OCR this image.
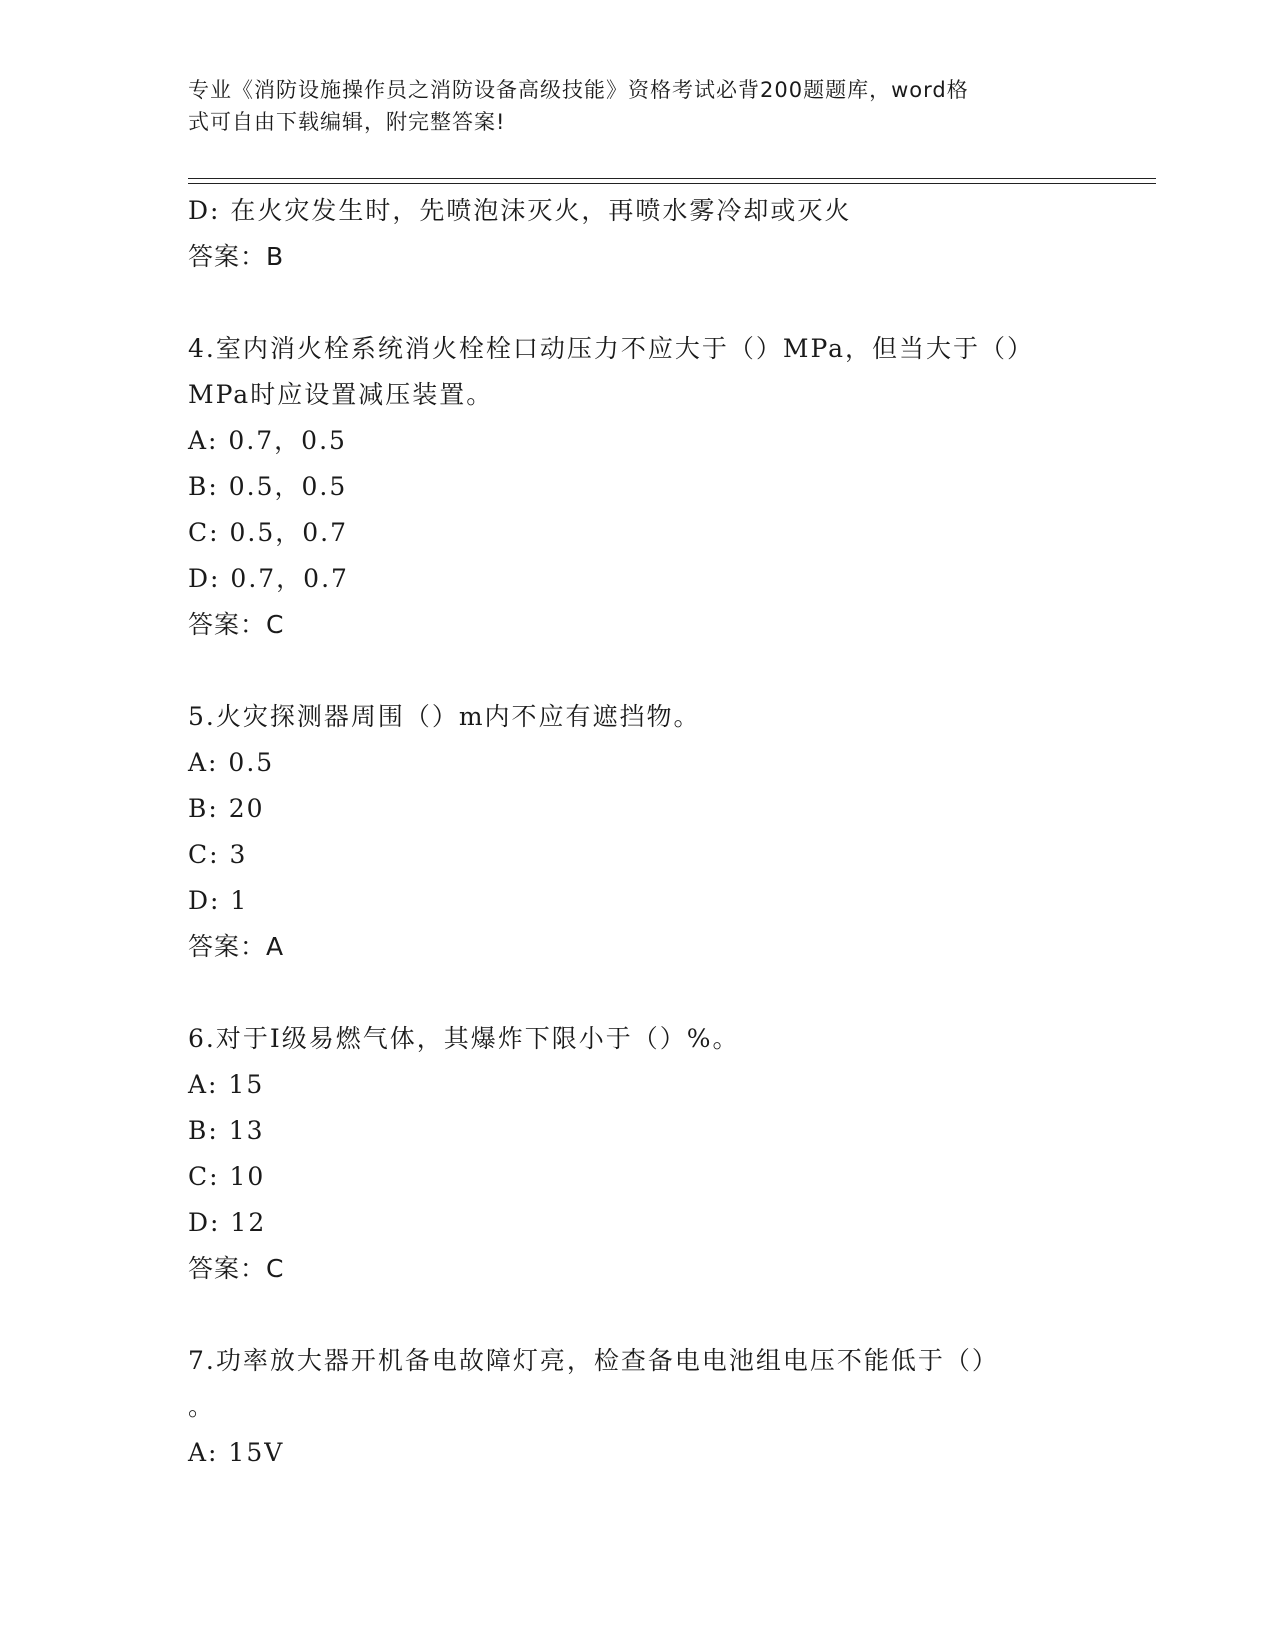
专业《消防设施操作员之消防设备高级技能》资格考试必背200题题库，word格
式可自由下载编辑，附完整答案!
D: 在火灾发生时，先喷泡沫灭火，再喷水雾冷却或灭火
答案：B
4.室内消火栓系统消火栓栓口动压力不应大于（）MPa，但当大于（）
MPa时应设置减压装置。
A: 0.7，0.5
B: 0.5，0.5
C: 0.5，0.7
D: 0.7，0.7
答案：C
5.火灾探测器周围（）m内不应有遮挡物。
A: 0.5
B: 20
C: 3
D: 1
答案：A
6.对于Ⅰ级易燃气体，其爆炸下限小于（）%。
A: 15
B: 13
C: 10
D: 12
答案：C
7.功率放大器开机备电故障灯亮，检查备电电池组电压不能低于（）
。
A: 15V
